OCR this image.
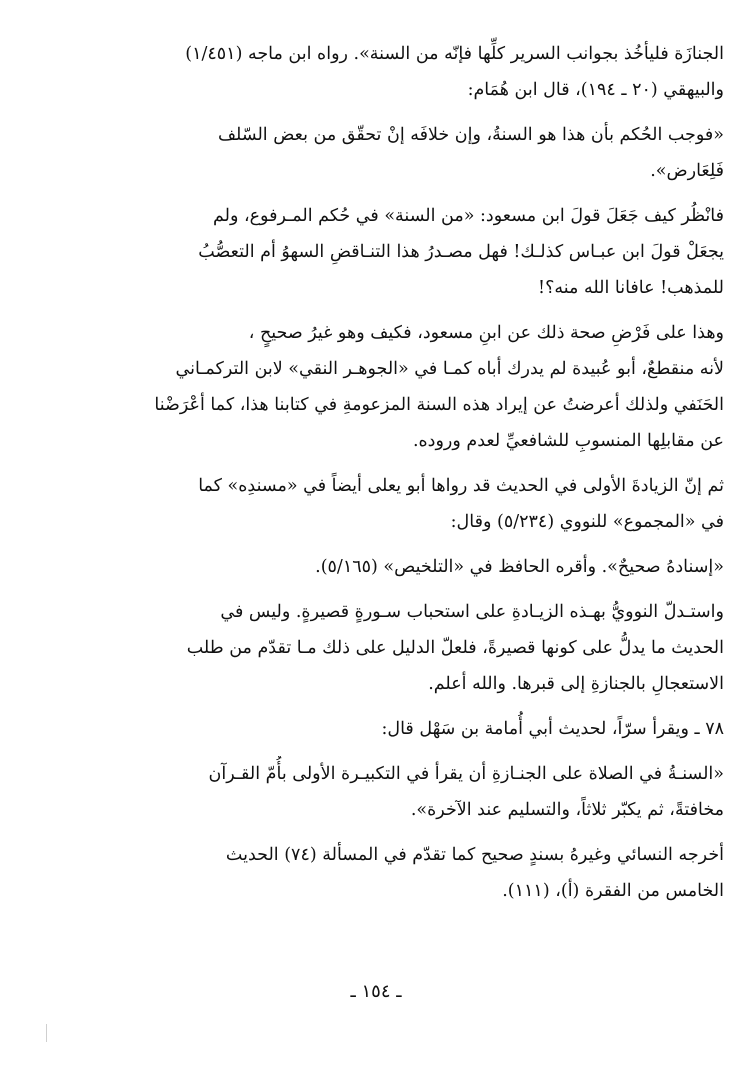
الجنازَة فليأخُذ بجوانب السرير كلِّها فإنّه من السنة». رواه ابن ماجه (١/٤٥١)
والبيهقي (٢٠ ـ ١٩٤)، قال ابن هُمَام:
«فوجب الحُكم بأن هذا هو السنةُ، وإن خلافَه إنْ تحقّق من بعض السّلف
فَلِعَارض».
فانْظُر كيف جَعَلَ قولَ ابن مسعود: «من السنة» في حُكم المـرفوع، ولم
يجعَلْ قولَ ابن عبـاس كذلـك! فهل مصـدرُ هذا التنـاقضِ السهوُ أم التعصُّبُ
للمذهب! عافانا الله منه؟!
وهذا على فَرْضِ صحة ذلك عن ابنِ مسعود، فكيف وهو غيرُ صحيحٍ ،
لأنه منقطعٌ، أبو عُبيدة لم يدرك أباه كمـا في «الجوهـر النقي» لابن التركمـاني
الحَنَفي ولذلك أعرضتُ عن إيراد هذه السنة المزعومةِ في كتابنا هذا، كما أعْرَضْنا
عن مقابلِها المنسوبِ للشافعيِّ لعدم وروده.
ثم إنّ الزيادةَ الأولى في الحديث قد رواها أبو يعلى أيضاً في «مسندِه» كما
في «المجموع» للنووي (٥/٢٣٤) وقال:
«إسنادهُ صحيحٌ». وأقره الحافظ في «التلخيص» (٥/١٦٥).
واستـدلّ النوويُّ بهـذه الزيـادةِ على استحباب سـورةٍ قصيرةٍ. وليس في
الحديث ما يدلُّ على كونها قصيرةً، فلعلّ الدليل على ذلك مـا تقدّم من طلب
الاستعجالِ بالجنازةِ إلى قبرها. والله أعلم.
٧٨ ـ ويقرأ سرّاً، لحديث أبي أُمامة بن سَهْل قال:
«السنـةُ في الصلاة على الجنـازةِ أن يقرأ في التكبيـرة الأولى بأُمّ القـرآن
مخافتةً، ثم يكبّر ثلاثاً، والتسليم عند الآخرة».
أخرجه النسائي وغيرهُ بسندٍ صحيح كما تقدّم في المسألة (٧٤) الحديث
الخامس من الفقرة (أ)، (١١١).
ـ ١٥٤ ـ
